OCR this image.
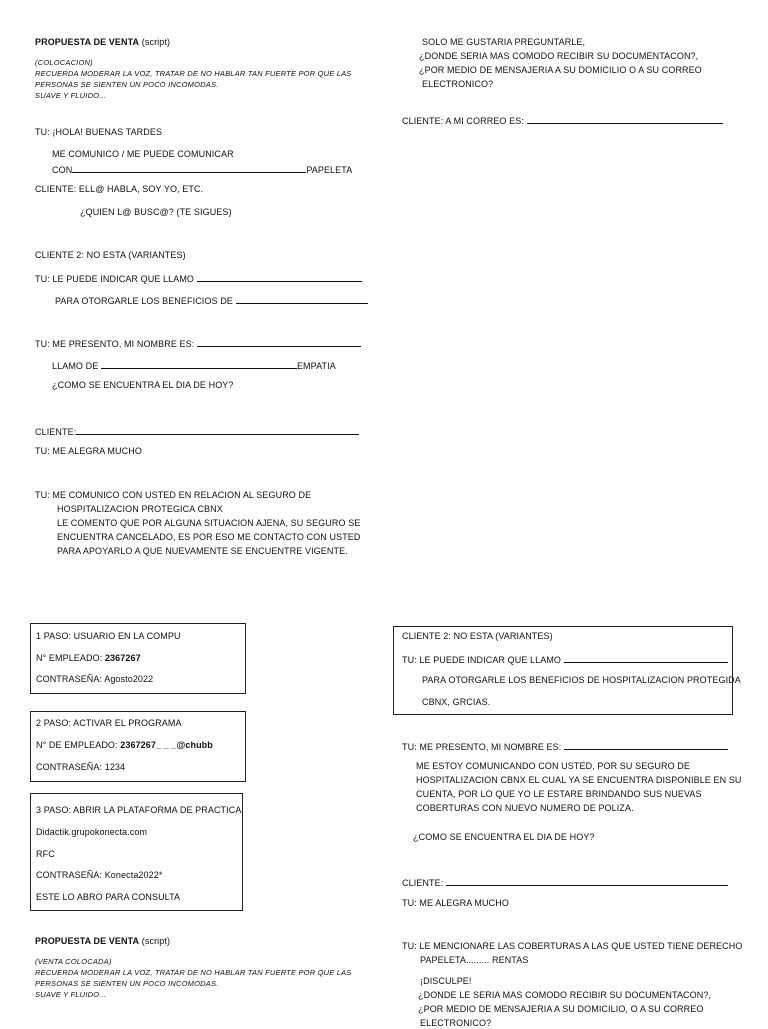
PROPUESTA DE VENTA (script)
(COLOCACION)
RECUERDA MODERAR LA VOZ, TRATAR DE NO HABLAR TAN FUERTE POR QUE LAS
PERSONAS SE SIENTEN UN POCO INCOMODAS.
SUAVE Y FLUIDO...
TU: ¡HOLA! BUENAS TARDES
ME COMUNICO / ME PUEDE COMUNICAR
CON	PAPELETA
CLIENTE: ELL@ HABLA, SOY YO, ETC.
¿QUIEN L@ BUSC@? (TE SIGUES)
CLIENTE 2: NO ESTA (VARIANTES)
TU: LE PUEDE INDICAR QUE LLAMO
PARA OTORGARLE LOS BENEFICIOS DE
TU: ME PRESENTO, MI NOMBRE ES:
LLAMO DE	EMPATIA
¿COMO SE ENCUENTRA EL DIA DE HOY?
CLIENTE:
TU: ME ALEGRA MUCHO
TU: ME COMUNICO CON USTED EN RELACION AL SEGURO DE
HOSPITALIZACION PROTEGICA CBNX
LE COMENTO QUE POR ALGUNA SITUACION AJENA, SU SEGURO SE
ENCUENTRA CANCELADO, ES POR ESO ME CONTACTO CON USTED
PARA APOYARLO A QUE NUEVAMENTE SE ENCUENTRE VIGENTE.
SOLO ME GUSTARIA PREGUNTARLE,
¿DONDE SERIA MAS COMODO RECIBIR SU DOCUMENTACON?,
¿POR MEDIO DE MENSAJERIA A SU DOMICILIO O A SU CORREO
ELECTRONICO?
CLIENTE: A MI CORREO ES:
1 PASO: USUARIO EN LA COMPU
N° EMPLEADO: 2367267
CONTRASEÑA: Agosto2022
2 PASO: ACTIVAR EL PROGRAMA
N° DE EMPLEADO: 2367267_ _ _@chubb
CONTRASEÑA: 1234
3 PASO: ABRIR LA PLATAFORMA DE PRACTICA
Didactik.grupokonecta.com
RFC
CONTRASEÑA: Konecta2022*
ESTE LO ABRO PARA CONSULTA
CLIENTE 2: NO ESTA (VARIANTES)
TU: LE PUEDE INDICAR QUE LLAMO
PARA OTORGARLE LOS BENEFICIOS DE HOSPITALIZACION PROTEGIDA
CBNX, GRCIAS.
TU: ME PRESENTO, MI NOMBRE ES:
ME ESTOY COMUNICANDO CON USTED, POR SU SEGURO DE
HOSPITALIZACION CBNX EL CUAL YA SE ENCUENTRA DISPONIBLE EN SU
CUENTA, POR LO QUE YO LE ESTARE BRINDANDO SUS NUEVAS
COBERTURAS CON NUEVO NUMERO DE POLIZA.
¿COMO SE ENCUENTRA EL DIA DE HOY?
CLIENTE:
TU: ME ALEGRA MUCHO
TU: LE MENCIONARE LAS COBERTURAS A LAS QUE USTED TIENE DERECHO
PAPELETA......... RENTAS
¡DISCULPE!
¿DONDE LE SERIA MAS COMODO RECIBIR SU DOCUMENTACON?,
¿POR MEDIO DE MENSAJERIA A SU DOMICILIO, O A SU CORREO
ELECTRONICO?
PROPUESTA DE VENTA (script)
(VENTA COLOCADA)
RECUERDA MODERAR LA VOZ, TRATAR DE NO HABLAR TAN FUERTE POR QUE LAS
PERSONAS SE SIENTEN UN POCO INCOMODAS.
SUAVE Y FLUIDO...
